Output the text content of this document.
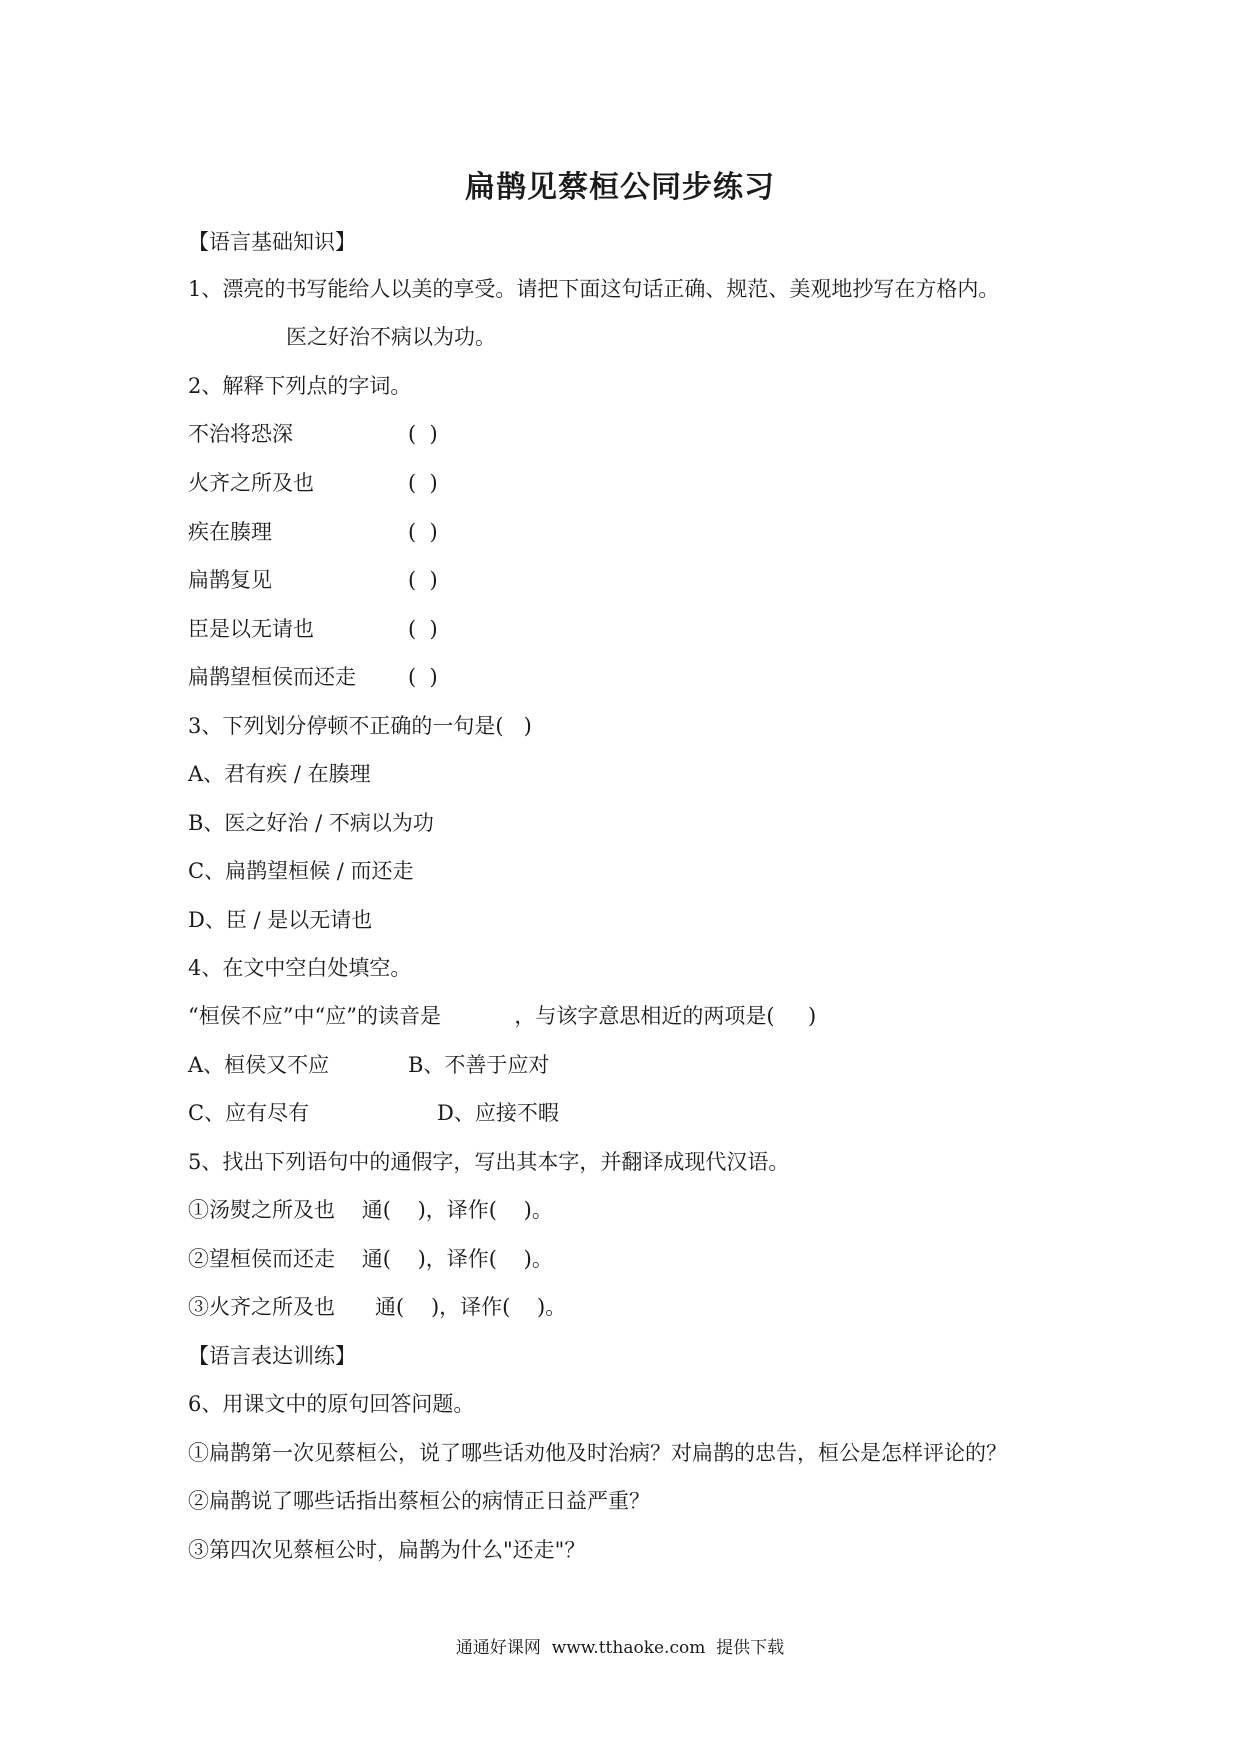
扁鹊见蔡桓公同步练习
【语言基础知识】
1、漂亮的书写能给人以美的享受。请把下面这句话正确、规范、美观地抄写在方格内。
医之好治不病以为功。
2、解释下列点的字词。
不治将恐深	(  )
火齐之所及也	(  )
疾在腠理	(  )
扁鹊复见	(  )
臣是以无请也	(  )
扁鹊望桓侯而还走 (  )
3、下列划分停顿不正确的一句是(   )
A、君有疾 / 在腠理
B、医之好治 / 不病以为功
C、扁鹊望桓候 / 而还走
D、臣 / 是以无请也
4、在文中空白处填空。
“桓侯不应”中“应”的读音是           ，与该字意思相近的两项是(     )
A、桓侯又不应	B、不善于应对
C、应有尽有	D、应接不暇
5、找出下列语句中的通假字，写出其本字，并翻译成现代汉语。
①汤熨之所及也    通(    )，译作(    )。
②望桓侯而还走    通(    )，译作(    )。
③火齐之所及也      通(    )，译作(    )。
【语言表达训练】
6、用课文中的原句回答问题。
①扁鹊第一次见蔡桓公，说了哪些话劝他及时治病？对扁鹊的忠告，桓公是怎样评论的？
②扁鹊说了哪些话指出蔡桓公的病情正日益严重？
③第四次见蔡桓公时，扁鹊为什么"还走"？
通通好课网  www.tthaoke.com  提供下载
